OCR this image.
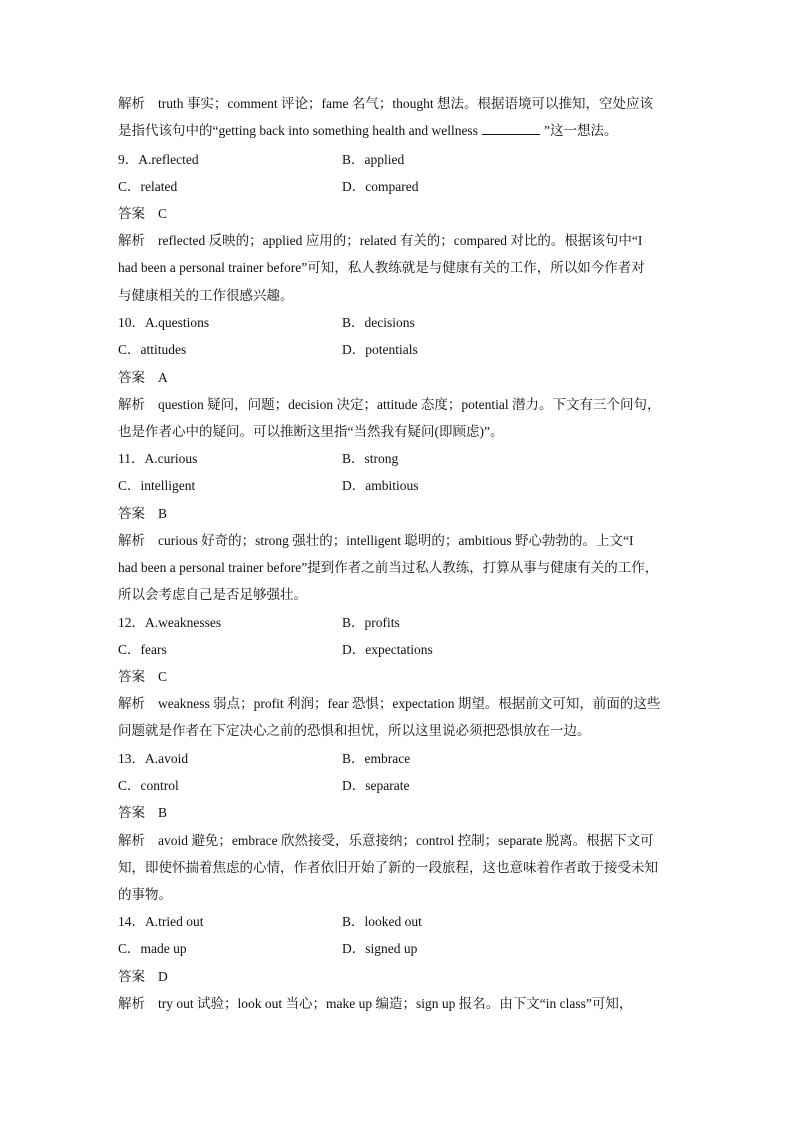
解析 truth 事实；comment 评论；fame 名气；thought 想法。根据语境可以推知，空处应该
是指代该句中的“getting back into something health and wellness	”这一想法。
9．A.reflected	B．applied
C．related	D．compared
答案 C
解析 reflected 反映的；applied 应用的；related 有关的；compared 对比的。根据该句中“I
had been a personal trainer before”可知，私人教练就是与健康有关的工作，所以如今作者对
与健康相关的工作很感兴趣。
10．A.questions	B．decisions
C．attitudes	D．potentials
答案 A
解析 question 疑问，问题；decision 决定；attitude 态度；potential 潜力。下文有三个问句，
也是作者心中的疑问。可以推断这里指“当然我有疑问(即顾虑)”。
11．A.curious	B．strong
C．intelligent	D．ambitious
答案 B
解析 curious 好奇的；strong 强壮的；intelligent 聪明的；ambitious 野心勃勃的。上文“I
had been a personal trainer before”提到作者之前当过私人教练，打算从事与健康有关的工作，
所以会考虑自己是否足够强壮。
12．A.weaknesses	B．profits
C．fears	D．expectations
答案 C
解析 weakness 弱点；profit 利润；fear 恐惧；expectation 期望。根据前文可知，前面的这些
问题就是作者在下定决心之前的恐惧和担忧，所以这里说必须把恐惧放在一边。
13．A.avoid	B．embrace
C．control	D．separate
答案 B
解析 avoid 避免；embrace 欣然接受，乐意接纳；control 控制；separate 脱离。根据下文可
知，即使怀揣着焦虑的心情，作者依旧开始了新的一段旅程，这也意味着作者敢于接受未知
的事物。
14．A.tried out	B．looked out
C．made up	D．signed up
答案 D
解析 try out 试验；look out 当心；make up 编造；sign up 报名。由下文“in class”可知，
